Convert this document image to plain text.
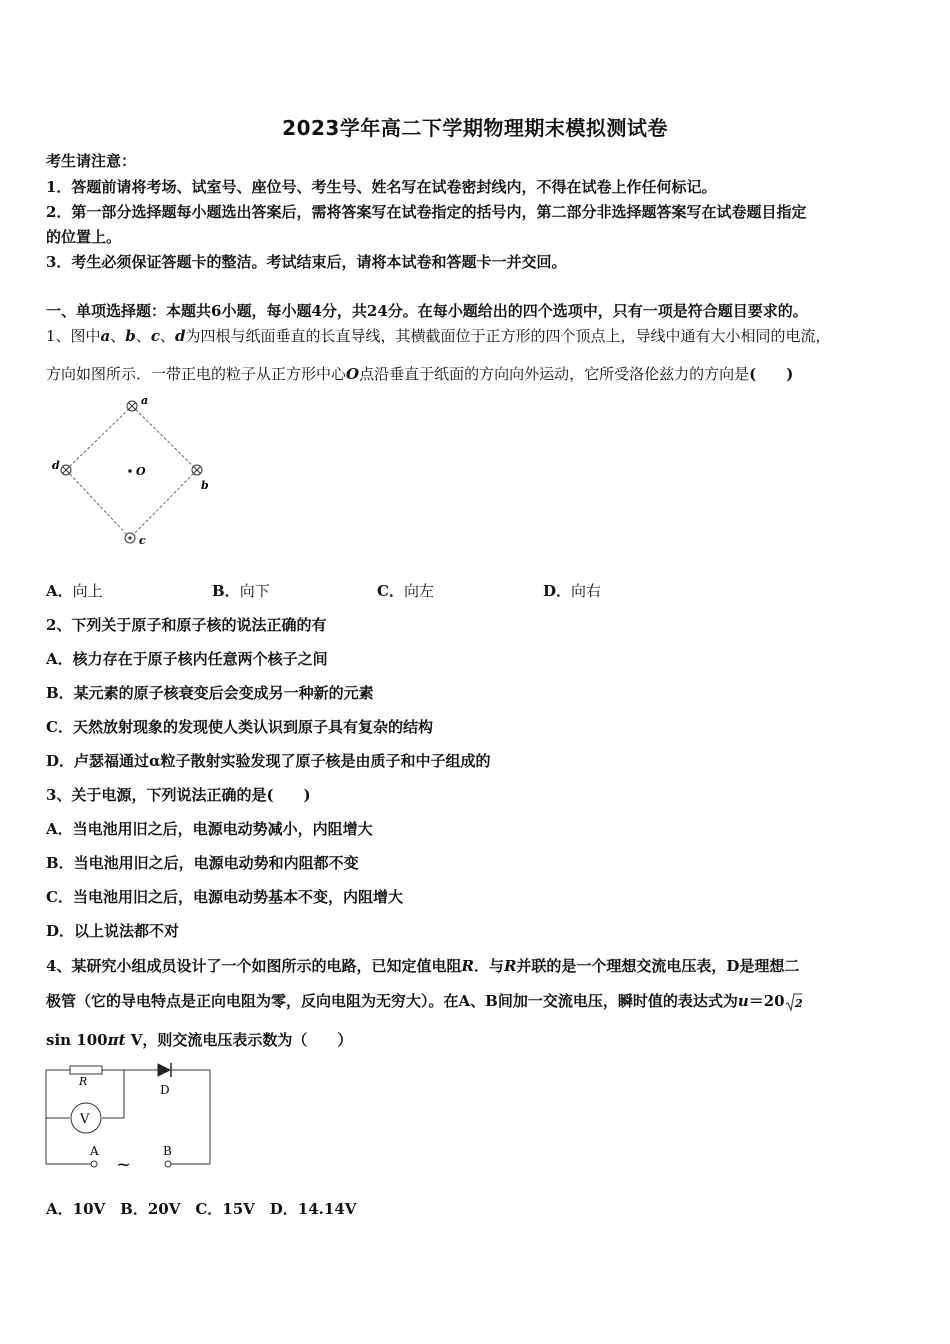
2023学年高二下学期物理期末模拟测试卷
考生请注意：
1．答题前请将考场、试室号、座位号、考生号、姓名写在试卷密封线内，不得在试卷上作任何标记。
2．第一部分选择题每小题选出答案后，需将答案写在试卷指定的括号内，第二部分非选择题答案写在试卷题目指定
的位置上。
3．考生必须保证答题卡的整洁。考试结束后，请将本试卷和答题卡一并交回。
一、单项选择题：本题共6小题，每小题4分，共24分。在每小题给出的四个选项中，只有一项是符合题目要求的。
1、图中a、b、c、d为四根与纸面垂直的长直导线，其横截面位于正方形的四个顶点上，导线中通有大小相同的电流，
方向如图所示．一带正电的粒子从正方形中心O点沿垂直于纸面的方向向外运动，它所受洛伦兹力的方向是(　　)
a
b
c
d	O
A．向上	B．向下	C．向左	D．向右
2、下列关于原子和原子核的说法正确的有
A．核力存在于原子核内任意两个核子之间
B．某元素的原子核衰变后会变成另一种新的元素
C．天然放射现象的发现使人类认识到原子具有复杂的结构
D．卢瑟福通过α粒子散射实验发现了原子核是由质子和中子组成的
3、关于电源，下列说法正确的是(　　)
A．当电池用旧之后，电源电动势减小，内阻增大
B．当电池用旧之后，电源电动势和内阻都不变
C．当电池用旧之后，电源电动势基本不变，内阻增大
D．以上说法都不对
4、某研究小组成员设计了一个如图所示的电路，已知定值电阻R．与R并联的是一个理想交流电压表，D是理想二
极管（它的导电特点是正向电阻为零，反向电阻为无穷大）。在A、B间加一交流电压，瞬时值的表达式为u＝20 2
sin 100πt V，则交流电压表示数为（　　）
R
D
V
A	B
~
A．10V　B．20V　C．15V　D．14.14V
